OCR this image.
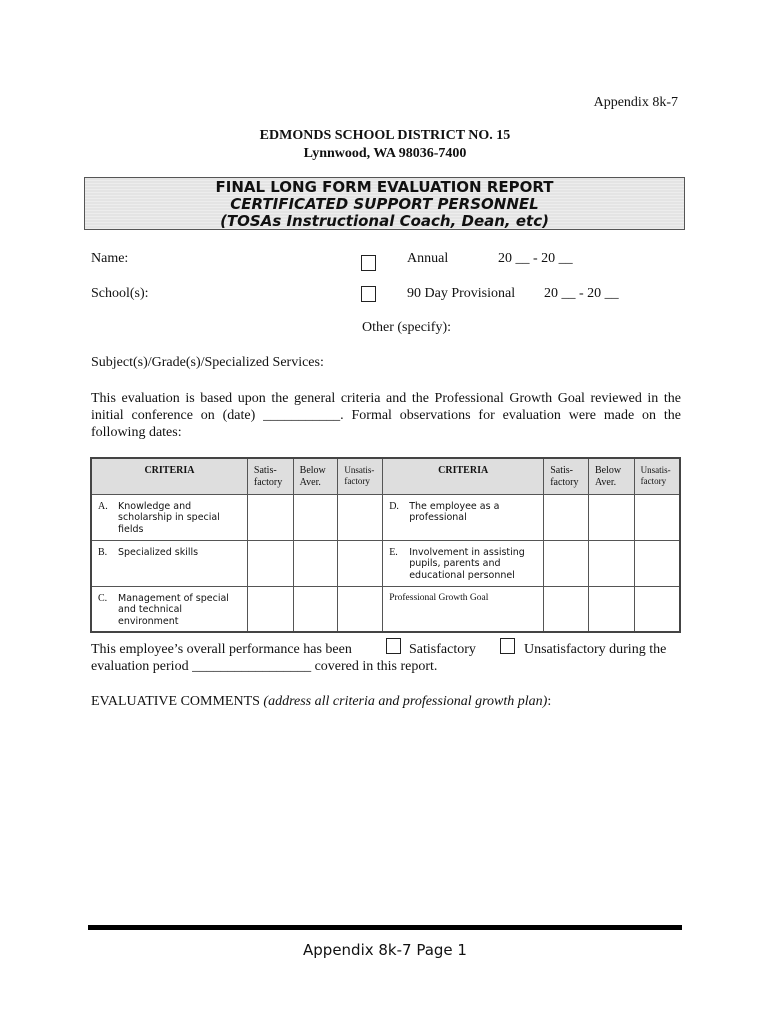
Appendix 8k-7
EDMONDS SCHOOL DISTRICT NO. 15
Lynnwood, WA 98036-7400
FINAL LONG FORM EVALUATION REPORT
CERTIFICATED SUPPORT PERSONNEL
(TOSAs Instructional Coach, Dean, etc)
Name:
School(s):
Annual	20 __ - 20 __
90 Day Provisional 20 __ - 20 __
Other (specify):
Subject(s)/Grade(s)/Specialized Services:
This evaluation is based upon the general criteria and the Professional Growth Goal reviewed in the initial conference on (date) ___________. Formal observations for evaluation were made on the following dates:
CRITERIA	Satis-factory	Below Aver.	Unsatis-factory	CRITERIA	Satis-factory	Below Aver.	Unsatis-factory
A. Knowledge and scholarship in special fields				D. The employee as a professional			
B. Specialized skills				E. Involvement in assisting pupils, parents and educational personnel			
C. Management of special and technical environment				Professional Growth Goal			
This employee’s overall performance has been	Satisfactory	Unsatisfactory during the
evaluation period _________________ covered in this report.
EVALUATIVE COMMENTS (address all criteria and professional growth plan):
Appendix 8k-7 Page 1
